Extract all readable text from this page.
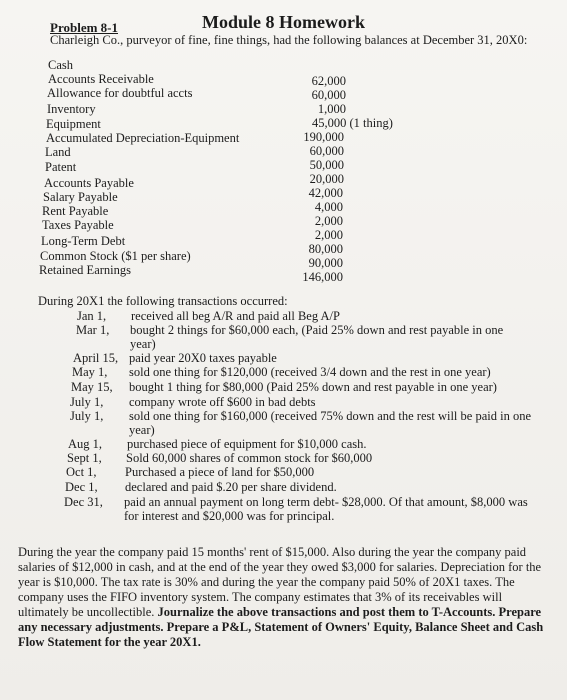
Module 8 Homework
Problem 8-1
Charleigh Co., purveyor of fine, fine things, had the following balances at December 31, 20X0:
Cash
62,000
Accounts Receivable
60,000
Allowance for doubtful accts
1,000
Inventory
45,000 (1 thing)
Equipment
190,000
Accumulated Depreciation-Equipment
60,000
Land
50,000
Patent
20,000
Accounts Payable
42,000
Salary Payable
4,000
Rent Payable
2,000
Taxes Payable
2,000
Long-Term Debt
80,000
Common Stock ($1 per share)	90,000
Retained Earnings	146,000
During 20X1 the following transactions occurred:
Jan 1, received all beg A/R and paid all Beg A/P
Mar 1, bought 2 things for $60,000 each, (Paid 25% down and rest payable in one year)
April 15, paid year 20X0 taxes payable
May 1, sold one thing for $120,000 (received 3/4 down and the rest in one year)
May 15, bought 1 thing for $80,000 (Paid 25% down and rest payable in one year)
July 1, company wrote off $600 in bad debts
July 1, sold one thing for $160,000 (received 75% down and the rest will be paid in one year)
Aug 1, purchased piece of equipment for $10,000 cash.
Sept 1, Sold 60,000 shares of common stock for $60,000
Oct 1, Purchased a piece of land for $50,000
Dec 1, declared and paid $.20 per share dividend.
Dec 31, paid an annual payment on long term debt- $28,000. Of that amount, $8,000 was for interest and $20,000 was for principal.
During the year the company paid 15 months' rent of $15,000. Also during the year the company paid salaries of $12,000 in cash, and at the end of the year they owed $3,000 for salaries. Depreciation for the year is $10,000. The tax rate is 30% and during the year the company paid 50% of 20X1 taxes. The company uses the FIFO inventory system. The company estimates that 3% of its receivables will ultimately be uncollectible. Journalize the above transactions and post them to T-Accounts. Prepare any necessary adjustments. Prepare a P&L, Statement of Owners' Equity, Balance Sheet and Cash Flow Statement for the year 20X1.
